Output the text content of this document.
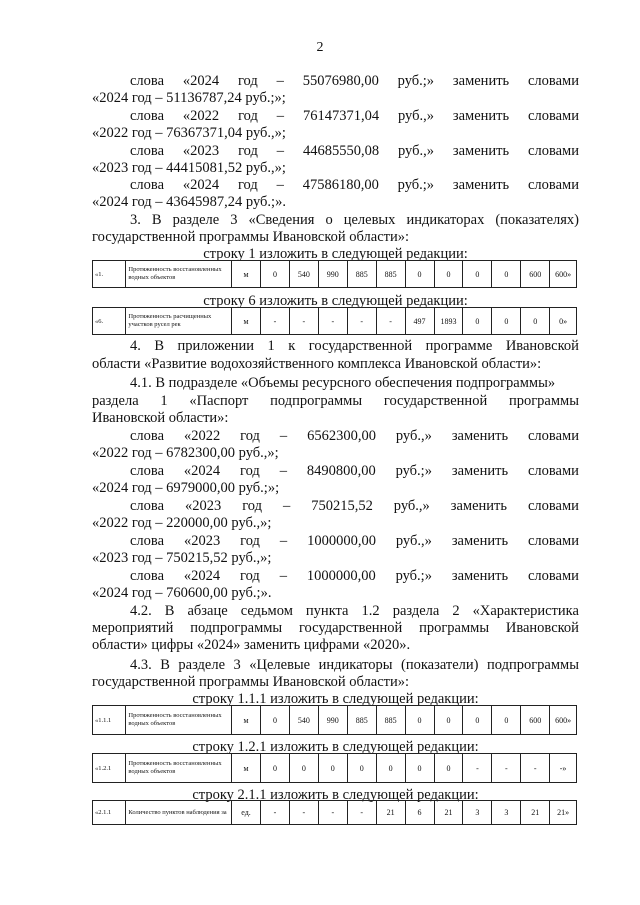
2
слова «2024 год – 55076980,00 руб.;» заменить словами
«2024 год – 51136787,24 руб.;»;
слова «2022 год – 76147371,04 руб.,» заменить словами
«2022 год – 76367371,04 руб.,»;
слова «2023 год – 44685550,08 руб.,» заменить словами
«2023 год – 44415081,52 руб.,»;
слова «2024 год – 47586180,00 руб.;» заменить словами
«2024 год – 43645987,24 руб.;».
3. В разделе 3 «Сведения о целевых индикаторах (показателях)
государственной программы Ивановской области»:
строку 1 изложить в следующей редакции:
строку 6 изложить в следующей редакции:
4. В приложении 1 к государственной программе Ивановской
области «Развитие водохозяйственного комплекса Ивановской области»:
4.1. В подразделе «Объемы ресурсного обеспечения подпрограммы»
раздела 1 «Паспорт подпрограммы государственной программы
Ивановской области»:
слова «2022 год – 6562300,00 руб.,» заменить словами
«2022 год – 6782300,00 руб.,»;
слова «2024 год – 8490800,00 руб.;» заменить словами
«2024 год – 6979000,00 руб.;»;
слова «2023 год – 750215,52 руб.,» заменить словами
«2022 год – 220000,00 руб.,»;
слова «2023 год – 1000000,00 руб.,» заменить словами
«2023 год – 750215,52 руб.,»;
слова «2024 год – 1000000,00 руб.;» заменить словами
«2024 год – 760600,00 руб.;».
4.2. В абзаце седьмом пункта 1.2 раздела 2 «Характеристика
мероприятий подпрограммы государственной программы Ивановской
области» цифры «2024» заменить цифрами «2020».
4.3. В разделе 3 «Целевые индикаторы (показатели) подпрограммы
государственной программы Ивановской области»:
строку 1.1.1 изложить в следующей редакции:
строку 1.2.1 изложить в следующей редакции:
строку 2.1.1 изложить в следующей редакции:
«1.	Протяженность восстановленных водных объектов	м	0	540	990	885	885	0	0	0	0	600	600»
«6.	Протяженность расчищенных участков русел рек	м	-	-	-	-	-	497	1893	0	0	0	0»
«1.1.1	Протяженность восстановленных водных объектов	м	0	540	990	885	885	0	0	0	0	600	600»
«1.2.1	Протяженность восстановленных водных объектов	м	0	0	0	0	0	0	0	-	-	-	-»
«2.1.1	Количество пунктов наблюдения за	ед.	-	-	-	-	21	6	21	3	3	21	21»
